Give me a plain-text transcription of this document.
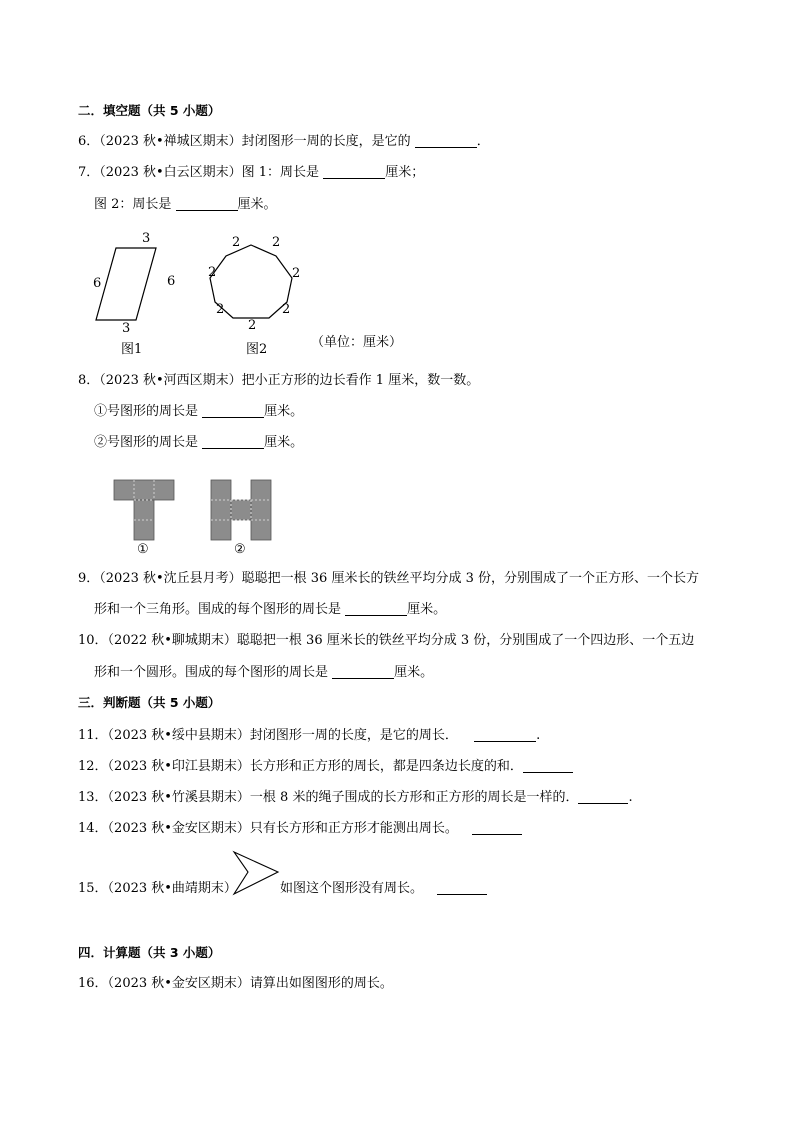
二．填空题（共 5 小题）
6．（2023 秋•禅城区期末）封闭图形一周的长度，是它的	．
7．（2023 秋•白云区期末）图 1：周长是	厘米；
图 2：周长是	厘米。
3
3
6	6
图1
2 2
2	2
2	2
2
图2	（单位：厘米）
8．（2023 秋•河西区期末）把小正方形的边长看作 1 厘米，数一数。
①号图形的周长是	厘米。
②号图形的周长是	厘米。
①	②
9．（2023 秋•沈丘县月考）聪聪把一根 36 厘米长的铁丝平均分成 3 份，分别围成了一个正方形、一个长方
形和一个三角形。围成的每个图形的周长是	厘米。
10．（2022 秋•聊城期末）聪聪把一根 36 厘米长的铁丝平均分成 3 份，分别围成了一个四边形、一个五边
形和一个圆形。围成的每个图形的周长是	厘米。
三．判断题（共 5 小题）
11．（2023 秋•绥中县期末）封闭图形一周的长度，是它的周长．	.
12．（2023 秋•印江县期末）长方形和正方形的周长，都是四条边长度的和．
13．（2023 秋•竹溪县期末）一根 8 米的绳子围成的长方形和正方形的周长是一样的．	.
14．（2023 秋•金安区期末）只有长方形和正方形才能测出周长。
15．（2023 秋•曲靖期末）	如图这个图形没有周长。
四．计算题（共 3 小题）
16．（2023 秋•金安区期末）请算出如图图形的周长。
